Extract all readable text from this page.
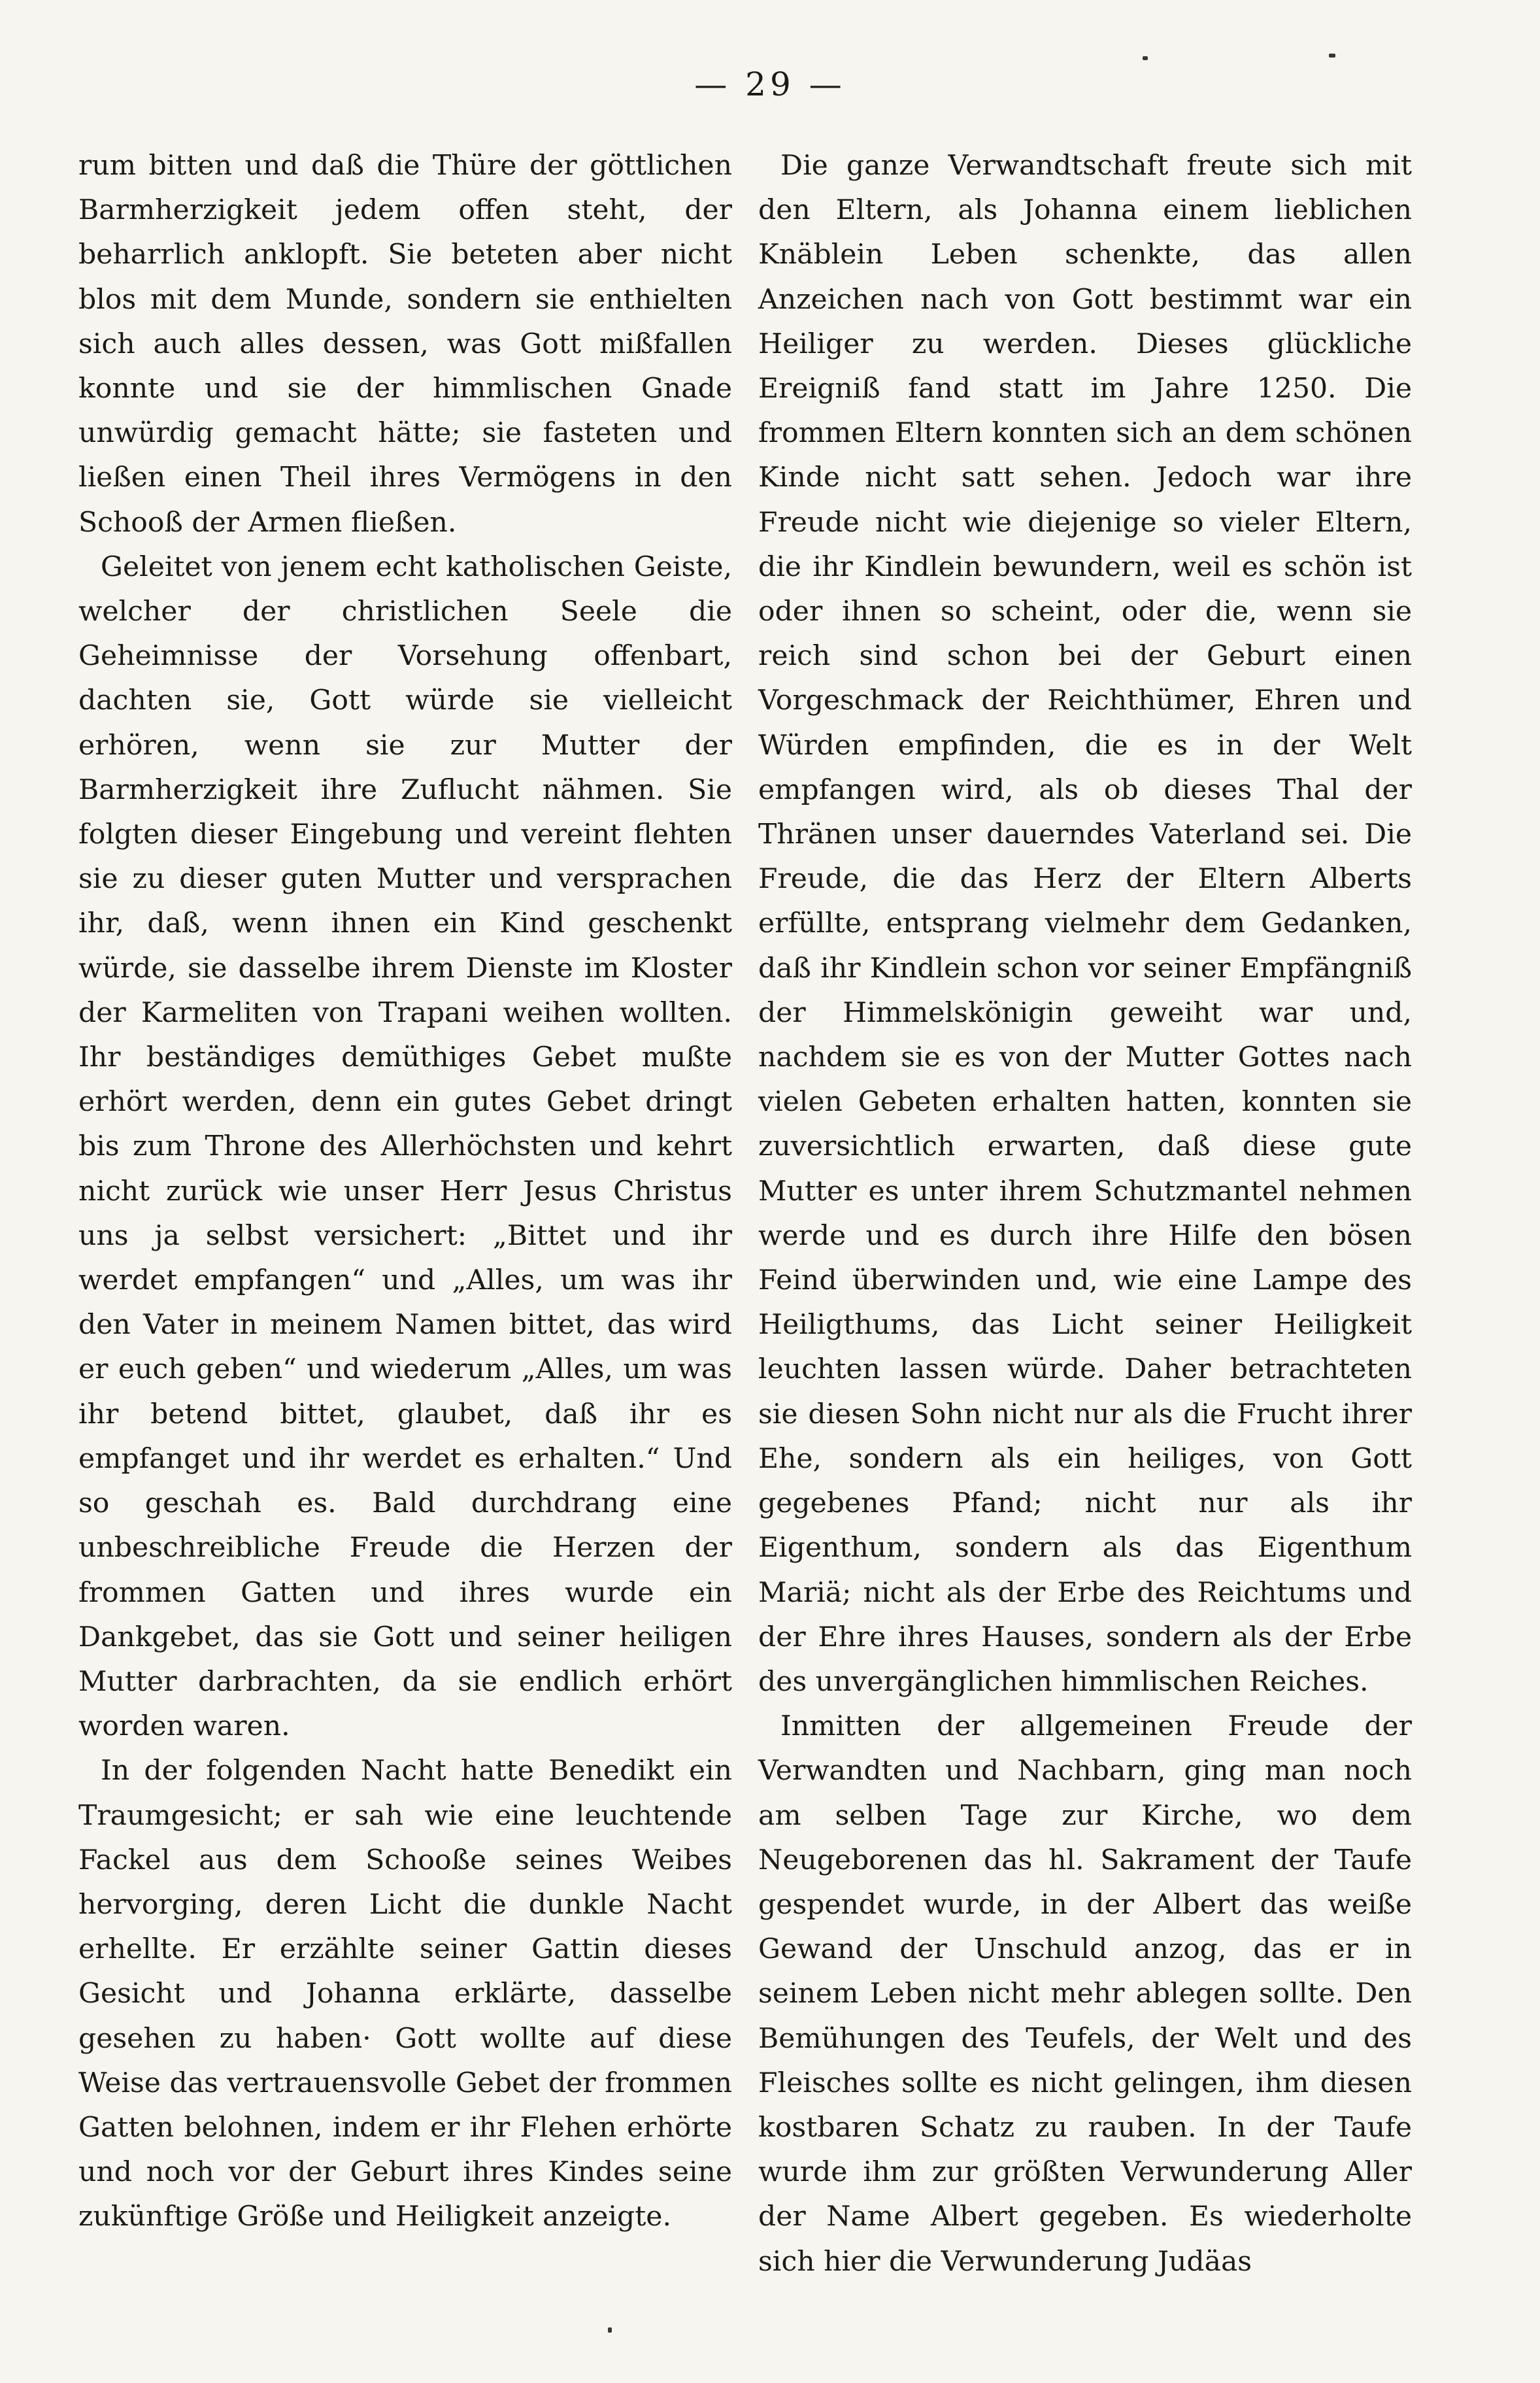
— 29 —

rum bitten und daß die Thüre der göttlichen Barmherzigkeit jedem offen steht, der beharrlich anklopft. Sie beteten aber nicht blos mit dem Munde, sondern sie enthielten sich auch alles dessen, was Gott mißfallen konnte und sie der himmlischen Gnade unwürdig gemacht hätte; sie fasteten und ließen einen Theil ihres Vermögens in den Schooß der Armen fließen.

Geleitet von jenem echt katholischen Geiste, welcher der christlichen Seele die Geheimnisse der Vorsehung offenbart, dachten sie, Gott würde sie vielleicht erhören, wenn sie zur Mutter der Barmherzigkeit ihre Zuflucht nähmen. Sie folgten dieser Eingebung und vereint flehten sie zu dieser guten Mutter und versprachen ihr, daß, wenn ihnen ein Kind geschenkt würde, sie dasselbe ihrem Dienste im Kloster der Karmeliten von Trapani weihen wollten. Ihr beständiges demüthiges Gebet mußte erhört werden, denn ein gutes Gebet dringt bis zum Throne des Allerhöchsten und kehrt nicht zurück wie unser Herr Jesus Christus uns ja selbst versichert: „Bittet und ihr werdet empfangen“ und „Alles, um was ihr den Vater in meinem Namen bittet, das wird er euch geben“ und wiederum „Alles, um was ihr betend bittet, glaubet, daß ihr es empfanget und ihr werdet es erhalten.“ Und so geschah es. Bald durchdrang eine unbeschreibliche Freude die Herzen der frommen Gatten und ihres wurde ein Dankgebet, das sie Gott und seiner heiligen Mutter darbrachten, da sie endlich erhört worden waren.

In der folgenden Nacht hatte Benedikt ein Traumgesicht; er sah wie eine leuchtende Fackel aus dem Schooße seines Weibes hervorging, deren Licht die dunkle Nacht erhellte. Er erzählte seiner Gattin dieses Gesicht und Johanna erklärte, dasselbe gesehen zu haben· Gott wollte auf diese Weise das vertrauensvolle Gebet der frommen Gatten belohnen, indem er ihr Flehen erhörte und noch vor der Geburt ihres Kindes seine zukünftige Größe und Heiligkeit anzeigte.

Die ganze Verwandtschaft freute sich mit den Eltern, als Johanna einem lieblichen Knäblein Leben schenkte, das allen Anzeichen nach von Gott bestimmt war ein Heiliger zu werden. Dieses glückliche Ereigniß fand statt im Jahre 1250. Die frommen Eltern konnten sich an dem schönen Kinde nicht satt sehen. Jedoch war ihre Freude nicht wie diejenige so vieler Eltern, die ihr Kindlein bewundern, weil es schön ist oder ihnen so scheint, oder die, wenn sie reich sind schon bei der Geburt einen Vorgeschmack der Reichthümer, Ehren und Würden empfinden, die es in der Welt empfangen wird, als ob dieses Thal der Thränen unser dauerndes Vaterland sei. Die Freude, die das Herz der Eltern Alberts erfüllte, entsprang vielmehr dem Gedanken, daß ihr Kindlein schon vor seiner Empfängniß der Himmelskönigin geweiht war und, nachdem sie es von der Mutter Gottes nach vielen Gebeten erhalten hatten, konnten sie zuversichtlich erwarten, daß diese gute Mutter es unter ihrem Schutzmantel nehmen werde und es durch ihre Hilfe den bösen Feind überwinden und, wie eine Lampe des Heiligthums, das Licht seiner Heiligkeit leuchten lassen würde. Daher betrachteten sie diesen Sohn nicht nur als die Frucht ihrer Ehe, sondern als ein heiliges, von Gott gegebenes Pfand; nicht nur als ihr Eigenthum, sondern als das Eigenthum Mariä; nicht als der Erbe des Reichtums und der Ehre ihres Hauses, sondern als der Erbe des unvergänglichen himmlischen Reiches.

Inmitten der allgemeinen Freude der Verwandten und Nachbarn, ging man noch am selben Tage zur Kirche, wo dem Neugeborenen das hl. Sakrament der Taufe gespendet wurde, in der Albert das weiße Gewand der Unschuld anzog, das er in seinem Leben nicht mehr ablegen sollte. Den Bemühungen des Teufels, der Welt und des Fleisches sollte es nicht gelingen, ihm diesen kostbaren Schatz zu rauben. In der Taufe wurde ihm zur größten Verwunderung Aller der Name Albert gegeben. Es wiederholte sich hier die Verwunderung Judäas
